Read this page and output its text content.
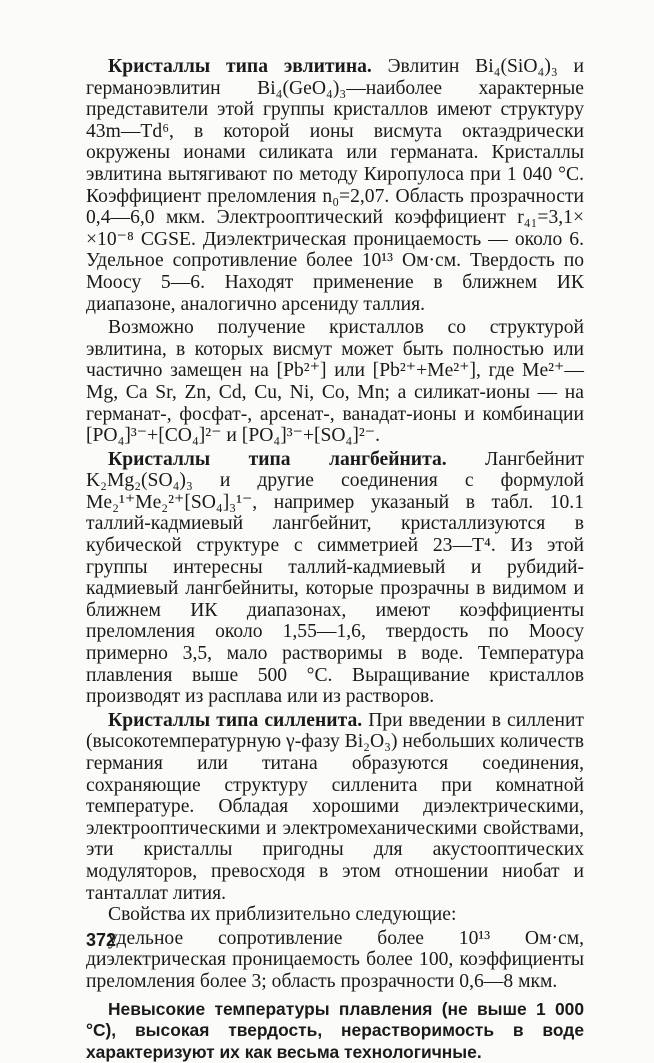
Кристаллы типа эвлитина. Эвлитин Bi₄(SiO₄)₃ и германоэвлитин Bi₄(GeO₄)₃—наиболее характерные представители этой группы кристаллов имеют структуру 43m—Td⁶, в которой ионы висмута октаэдрически окружены ионами силиката или германата. Кристаллы эвлитина вытягивают по методу Киропулоса при 1 040 °С. Коэффициент преломления n₀=2,07. Область прозрачности 0,4—6,0 мкм. Электрооптический коэффициент r₄₁=3,1× ×10⁻⁸ CGSE. Диэлектрическая проницаемость — около 6. Удельное сопротивление более 10¹³ Ом·см. Твердость по Моосу 5—6. Находят применение в ближнем ИК диапазоне, аналогично арсениду таллия.

Возможно получение кристаллов со структурой эвлитина, в которых висмут может быть полностью или частично замещен на [Pb²⁺] или [Pb²⁺+Me²⁺], где Me²⁺— Mg, Ca Sr, Zn, Cd, Cu, Ni, Co, Mn; а силикат-ионы — на германат-, фосфат-, арсенат-, ванадат-ионы и комбинации [PO₄]³⁻+[CO₄]²⁻ и [PO₄]³⁻+[SO₄]²⁻.

Кристаллы типа лангбейнита. Лангбейнит K₂Mg₂(SO₄)₃ и другие соединения с формулой Me₂¹⁺Me₂²⁺[SO₄]₃¹⁻, например указаный в табл. 10.1 таллий-кадмиевый лангбейнит, кристаллизуются в кубической структуре с симметрией 23—T⁴. Из этой группы интересны таллий-кадмиевый и рубидий-кадмиевый лангбейниты, которые прозрачны в видимом и ближнем ИК диапазонах, имеют коэффициенты преломления около 1,55—1,6, твердость по Моосу примерно 3,5, мало растворимы в воде. Температура плавления выше 500 °С. Выращивание кристаллов производят из расплава или из растворов.

Кристаллы типа силленита. При введении в силленит (высокотемпературную γ-фазу Bi₂O₃) небольших количеств германия или титана образуются соединения, сохраняющие структуру силленита при комнатной температуре. Обладая хорошими диэлектрическими, электрооптическими и электромеханическими свойствами, эти кристаллы пригодны для акустооптических модуляторов, превосходя в этом отношении ниобат и танталлат лития.

Свойства их приблизительно следующие:

удельное сопротивление более 10¹³ Ом·см, диэлектрическая проницаемость более 100, коэффициенты преломления более 3; область прозрачности 0,6—8 мкм.

Невысокие температуры плавления (не выше 1 000 °С), высокая твердость, нерастворимость в воде характеризуют их как весьма технологичные.

372
